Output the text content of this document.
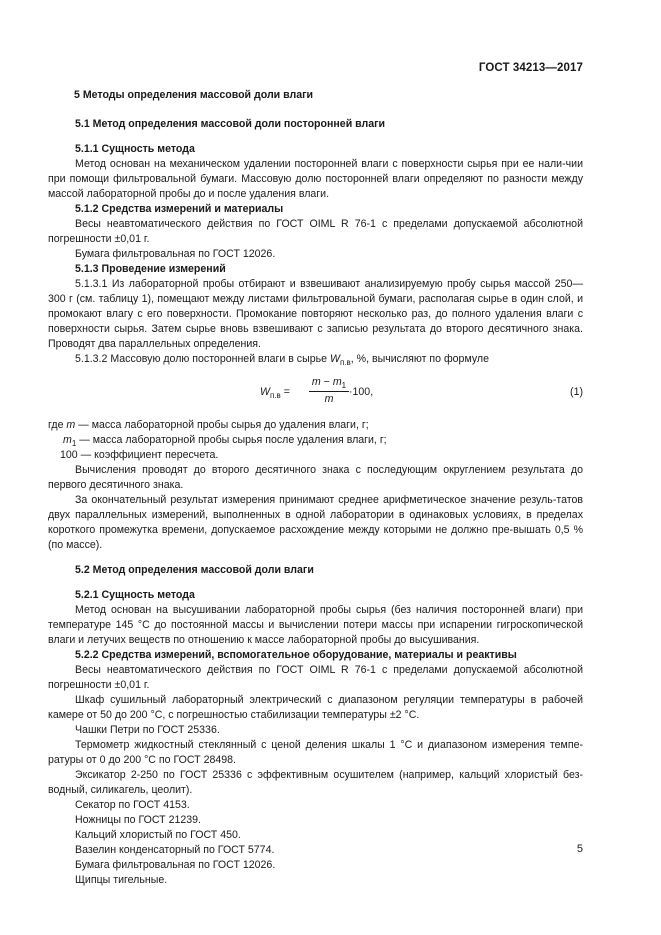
ГОСТ 34213—2017

5 Методы определения массовой доли влаги

5.1 Метод определения массовой доли посторонней влаги

5.1.1 Сущность метода

Метод основан на механическом удалении посторонней влаги с поверхности сырья при ее нали-чии при помощи фильтровальной бумаги. Массовую долю посторонней влаги определяют по разности между массой лабораторной пробы до и после удаления влаги.

5.1.2 Средства измерений и материалы

Весы неавтоматического действия по ГОСТ OIML R 76-1 с пределами допускаемой абсолютной погрешности ±0,01 г.

Бумага фильтровальная по ГОСТ 12026.

5.1.3 Проведение измерений

5.1.3.1 Из лабораторной пробы отбирают и взвешивают анализируемую пробу сырья массой 250—300 г (см. таблицу 1), помещают между листами фильтровальной бумаги, располагая сырье в один слой, и промокают влагу с его поверхности. Промокание повторяют несколько раз, до полного удаления влаги с поверхности сырья. Затем сырье вновь взвешивают с записью результата до второго десятичного знака. Проводят два параллельных определения.

5.1.3.2 Массовую долю посторонней влаги в сырье $W_{п.в}$, %, вычисляют по формуле

$W_{п.в} = \frac{m - m_1}{m} \cdot 100$,	(1)
где m — масса лабораторной пробы сырья до удаления влаги, г;
$m_1$ — масса лабораторной пробы сырья после удаления влаги, г;
100 — коэффициент пересчета.

Вычисления проводят до второго десятичного знака с последующим округлением результата до первого десятичного знака.

За окончательный результат измерения принимают среднее арифметическое значение резуль-татов двух параллельных измерений, выполненных в одной лаборатории в одинаковых условиях, в пределах короткого промежутка времени, допускаемое расхождение между которыми не должно пре-вышать 0,5 % (по массе).

5.2 Метод определения массовой доли влаги

5.2.1 Сущность метода

Метод основан на высушивании лабораторной пробы сырья (без наличия посторонней влаги) при температуре 145 °С до постоянной массы и вычислении потери массы при испарении гигроскопической влаги и летучих веществ по отношению к массе лабораторной пробы до высушивания.

5.2.2 Средства измерений, вспомогательное оборудование, материалы и реактивы

Весы неавтоматического действия по ГОСТ OIML R 76-1 с пределами допускаемой абсолютной погрешности ±0,01 г.

Шкаф сушильный лабораторный электрический с диапазоном регуляции температуры в рабочей камере от 50 до 200 °С, с погрешностью стабилизации температуры ±2 °С.

Чашки Петри по ГОСТ 25336.

Термометр жидкостный стеклянный с ценой деления шкалы 1 °С и диапазоном измерения темпе-ратуры от 0 до 200 °С по ГОСТ 28498.

Эксикатор 2-250 по ГОСТ 25336 с эффективным осушителем (например, кальций хлористый без-водный, силикагель, цеолит).

Секатор по ГОСТ 4153.

Ножницы по ГОСТ 21239.

Кальций хлористый по ГОСТ 450.

Вазелин конденсаторный по ГОСТ 5774.

Бумага фильтровальная по ГОСТ 12026.

Щипцы тигельные.

5
